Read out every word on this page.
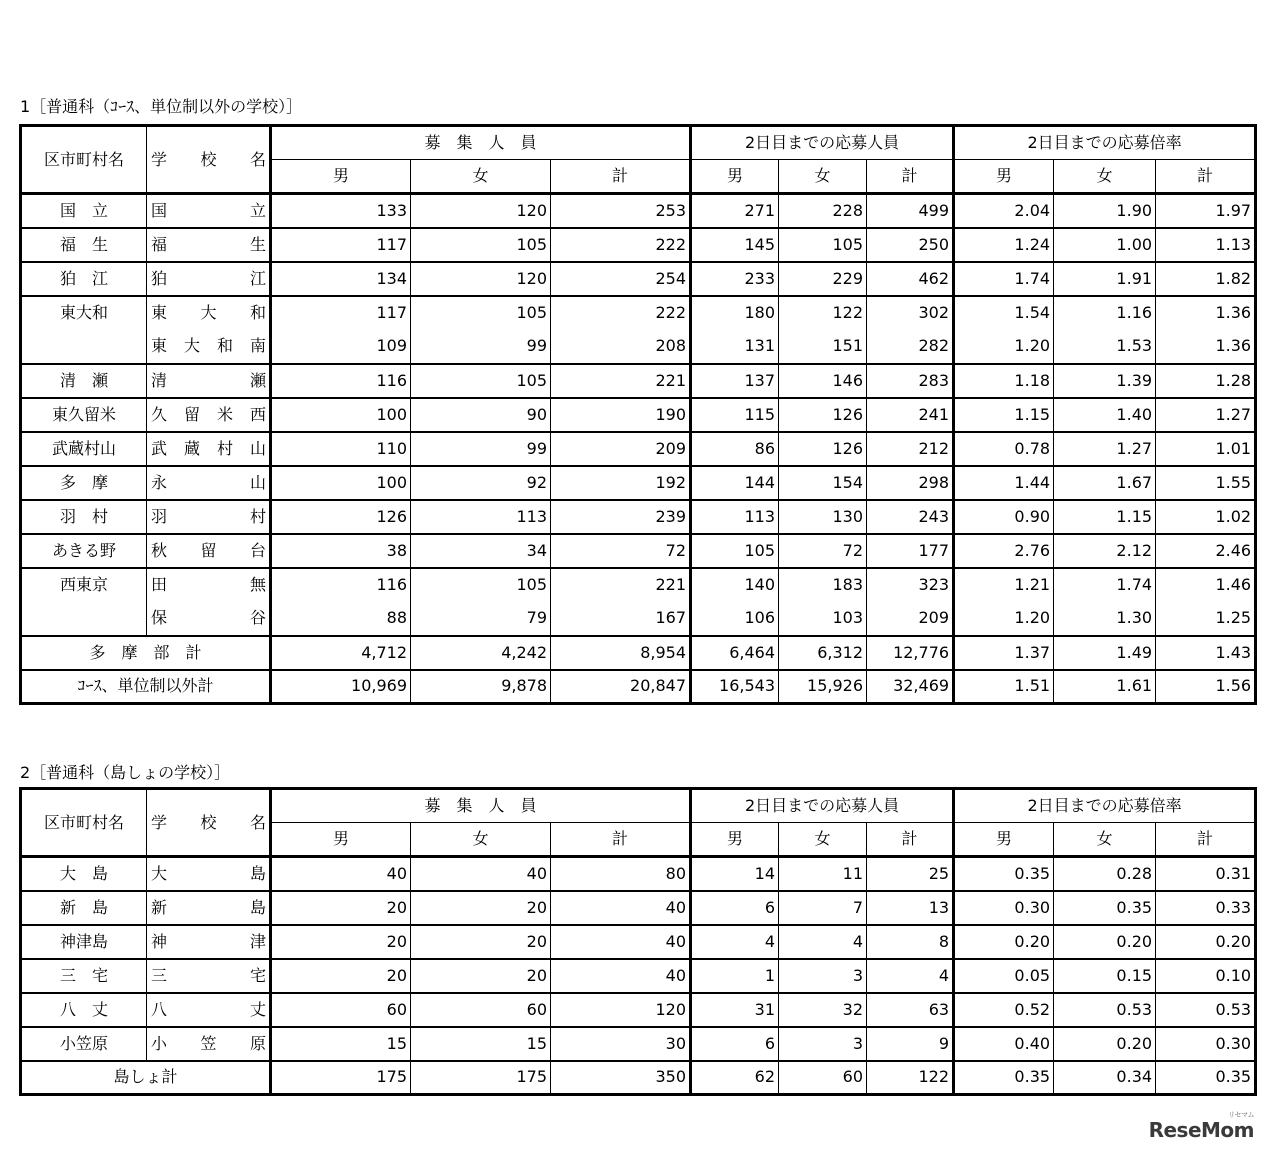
1［普通科（ｺｰｽ、単位制以外の学校）］
区市町村名	学　校　名	募　集　人　員			2日目までの応募人員			2日目までの応募倍率		
		男	女	計	男	女	計	男	女	計
国　立	国立	133	120	253	271	228	499	2.04	1.90	1.97
福　生	福生	117	105	222	145	105	250	1.24	1.00	1.13
狛　江	狛江	134	120	254	233	229	462	1.74	1.91	1.82
東大和	東大和	117	105	222	180	122	302	1.54	1.16	1.36
	東大和南	109	99	208	131	151	282	1.20	1.53	1.36
清　瀬	清瀬	116	105	221	137	146	283	1.18	1.39	1.28
東久留米	久留米西	100	90	190	115	126	241	1.15	1.40	1.27
武蔵村山	武蔵村山	110	99	209	86	126	212	0.78	1.27	1.01
多　摩	永山	100	92	192	144	154	298	1.44	1.67	1.55
羽　村	羽村	126	113	239	113	130	243	0.90	1.15	1.02
あきる野	秋留台	38	34	72	105	72	177	2.76	2.12	2.46
西東京	田無	116	105	221	140	183	323	1.21	1.74	1.46
	保谷	88	79	167	106	103	209	1.20	1.30	1.25
多　摩　部　計		4,712	4,242	8,954	6,464	6,312	12,776	1.37	1.49	1.43
ｺｰｽ、単位制以外計		10,969	9,878	20,847	16,543	15,926	32,469	1.51	1.61	1.56
2［普通科（島しょの学校）］
区市町村名	学　校　名	募　集　人　員			2日目までの応募人員			2日目までの応募倍率		
		男	女	計	男	女	計	男	女	計
大　島	大島	40	40	80	14	11	25	0.35	0.28	0.31
新　島	新島	20	20	40	6	7	13	0.30	0.35	0.33
神津島	神津	20	20	40	4	4	8	0.20	0.20	0.20
三　宅	三宅	20	20	40	1	3	4	0.05	0.15	0.10
八　丈	八丈	60	60	120	31	32	63	0.52	0.53	0.53
小笠原	小笠原	15	15	30	6	3	9	0.40	0.20	0.30
島しょ計		175	175	350	62	60	122	0.35	0.34	0.35
ReseMom
リセマム
